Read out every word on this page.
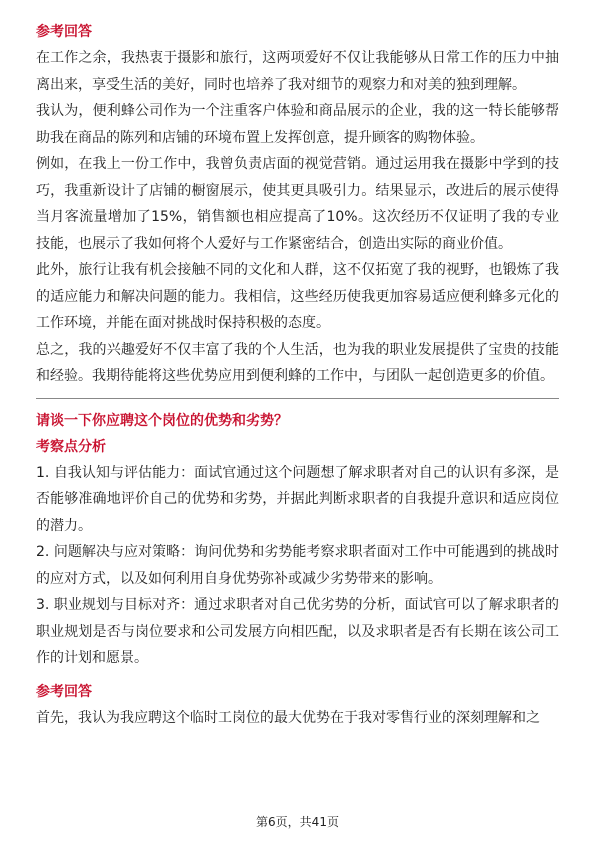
参考回答

在工作之余，我热衷于摄影和旅行，这两项爱好不仅让我能够从日常工作的压力中抽离出来，享受生活的美好，同时也培养了我对细节的观察力和对美的独到理解。

我认为，便利蜂公司作为一个注重客户体验和商品展示的企业，我的这一特长能够帮助我在商品的陈列和店铺的环境布置上发挥创意，提升顾客的购物体验。

例如，在我上一份工作中，我曾负责店面的视觉营销。通过运用我在摄影中学到的技巧，我重新设计了店铺的橱窗展示，使其更具吸引力。结果显示，改进后的展示使得当月客流量增加了15%，销售额也相应提高了10%。这次经历不仅证明了我的专业技能，也展示了我如何将个人爱好与工作紧密结合，创造出实际的商业价值。

此外，旅行让我有机会接触不同的文化和人群，这不仅拓宽了我的视野，也锻炼了我的适应能力和解决问题的能力。我相信，这些经历使我更加容易适应便利蜂多元化的工作环境，并能在面对挑战时保持积极的态度。

总之，我的兴趣爱好不仅丰富了我的个人生活，也为我的职业发展提供了宝贵的技能和经验。我期待能将这些优势应用到便利蜂的工作中，与团队一起创造更多的价值。

请谈一下你应聘这个岗位的优势和劣势？
考察点分析

1. 自我认知与评估能力：面试官通过这个问题想了解求职者对自己的认识有多深，是否能够准确地评价自己的优势和劣势，并据此判断求职者的自我提升意识和适应岗位的潜力。

2. 问题解决与应对策略：询问优势和劣势能考察求职者面对工作中可能遇到的挑战时的应对方式，以及如何利用自身优势弥补或减少劣势带来的影响。

3. 职业规划与目标对齐：通过求职者对自己优劣势的分析，面试官可以了解求职者的职业规划是否与岗位要求和公司发展方向相匹配，以及求职者是否有长期在该公司工作的计划和愿景。

参考回答

首先，我认为我应聘这个临时工岗位的最大优势在于我对零售行业的深刻理解和之

第6页，共41页
